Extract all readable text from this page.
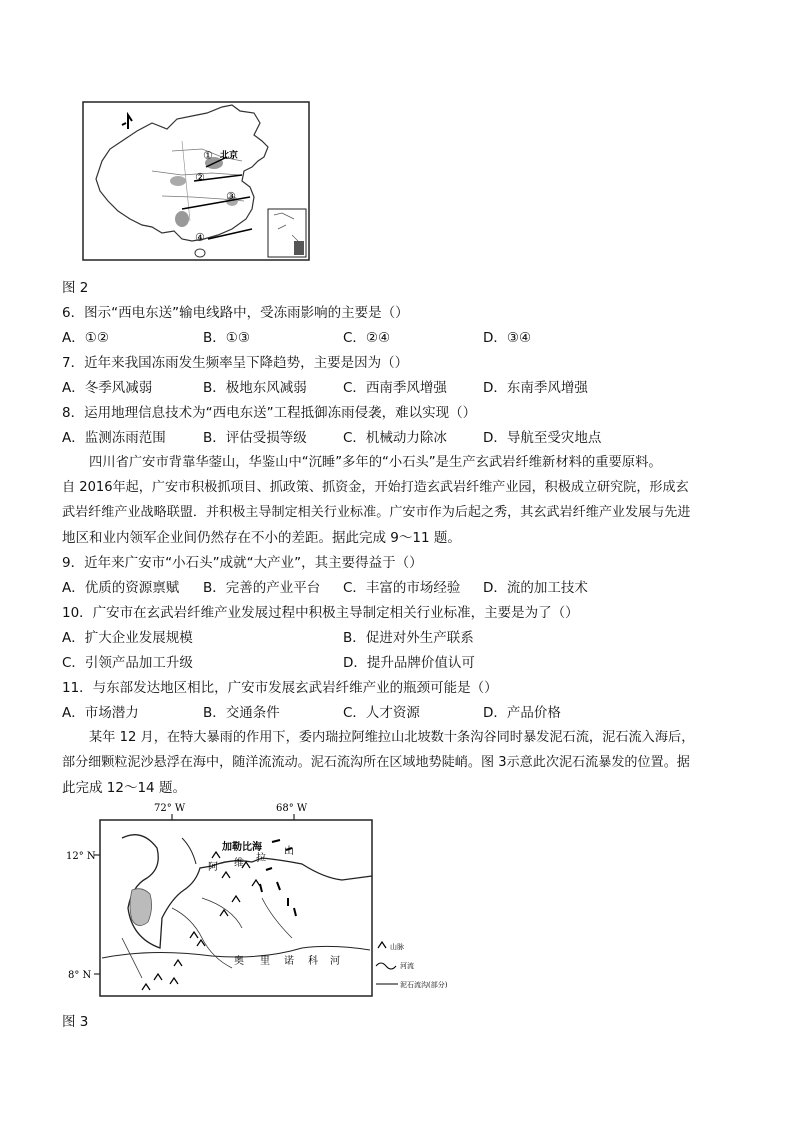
北京
①
②
③
④
图 2
6．图示“西电东送”输电线路中，受冻雨影响的主要是（）
A．①②	B．①③	C．②④	D．③④
7．近年来我国冻雨发生频率呈下降趋势，主要是因为（）
A．冬季风减弱	B．极地东风减弱	C．西南季风增强	D．东南季风增强
8．运用地理信息技术为“西电东送”工程抵御冻雨侵袭，难以实现（）
A．监测冻雨范围	B．评估受损等级	C．机械动力除冰	D．导航至受灾地点
四川省广安市背靠华蓥山，华鉴山中“沉睡”多年的“小石头”是生产玄武岩纤维新材料的重要原料。
自 2016年起，广安市积极抓项目、抓政策、抓资金，开始打造玄武岩纤维产业园，积极成立研究院，形成玄
武岩纤维产业战略联盟．并积极主导制定相关行业标准。广安市作为后起之秀，其玄武岩纤维产业发展与先进
地区和业内领军企业间仍然存在不小的差距。据此完成 9～11 题。
9．近年来广安市“小石头”成就“大产业”，其主要得益于（）
A．优质的资源禀赋 B．完善的产业平台 C．丰富的市场经验 D．流的加工技术
10．广安市在玄武岩纤维产业发展过程中积极主导制定相关行业标准，主要是为了（）
A．扩大企业发展规模	B．促进对外生产联系
C．引领产品加工升级	D．提升品牌价值认可
11．与东部发达地区相比，广安市发展玄武岩纤维产业的瓶颈可能是（）
A．市场潜力	B．交通条件	C．人才资源	D．产品价格
某年 12 月，在特大暴雨的作用下，委内瑞拉阿维拉山北坡数十条沟谷同时暴发泥石流，泥石流入海后，
部分细颗粒泥沙悬浮在海中，随洋流流动。泥石流沟所在区域地势陡峭。图 3示意此次泥石流暴发的位置。据
此完成 12～14 题。
72° W	68° W
12° N
8° N
加勒比海
阿 维 拉
山
奥 里 诺 科 河
山脉
河流
泥石流沟(部分)
图 3
